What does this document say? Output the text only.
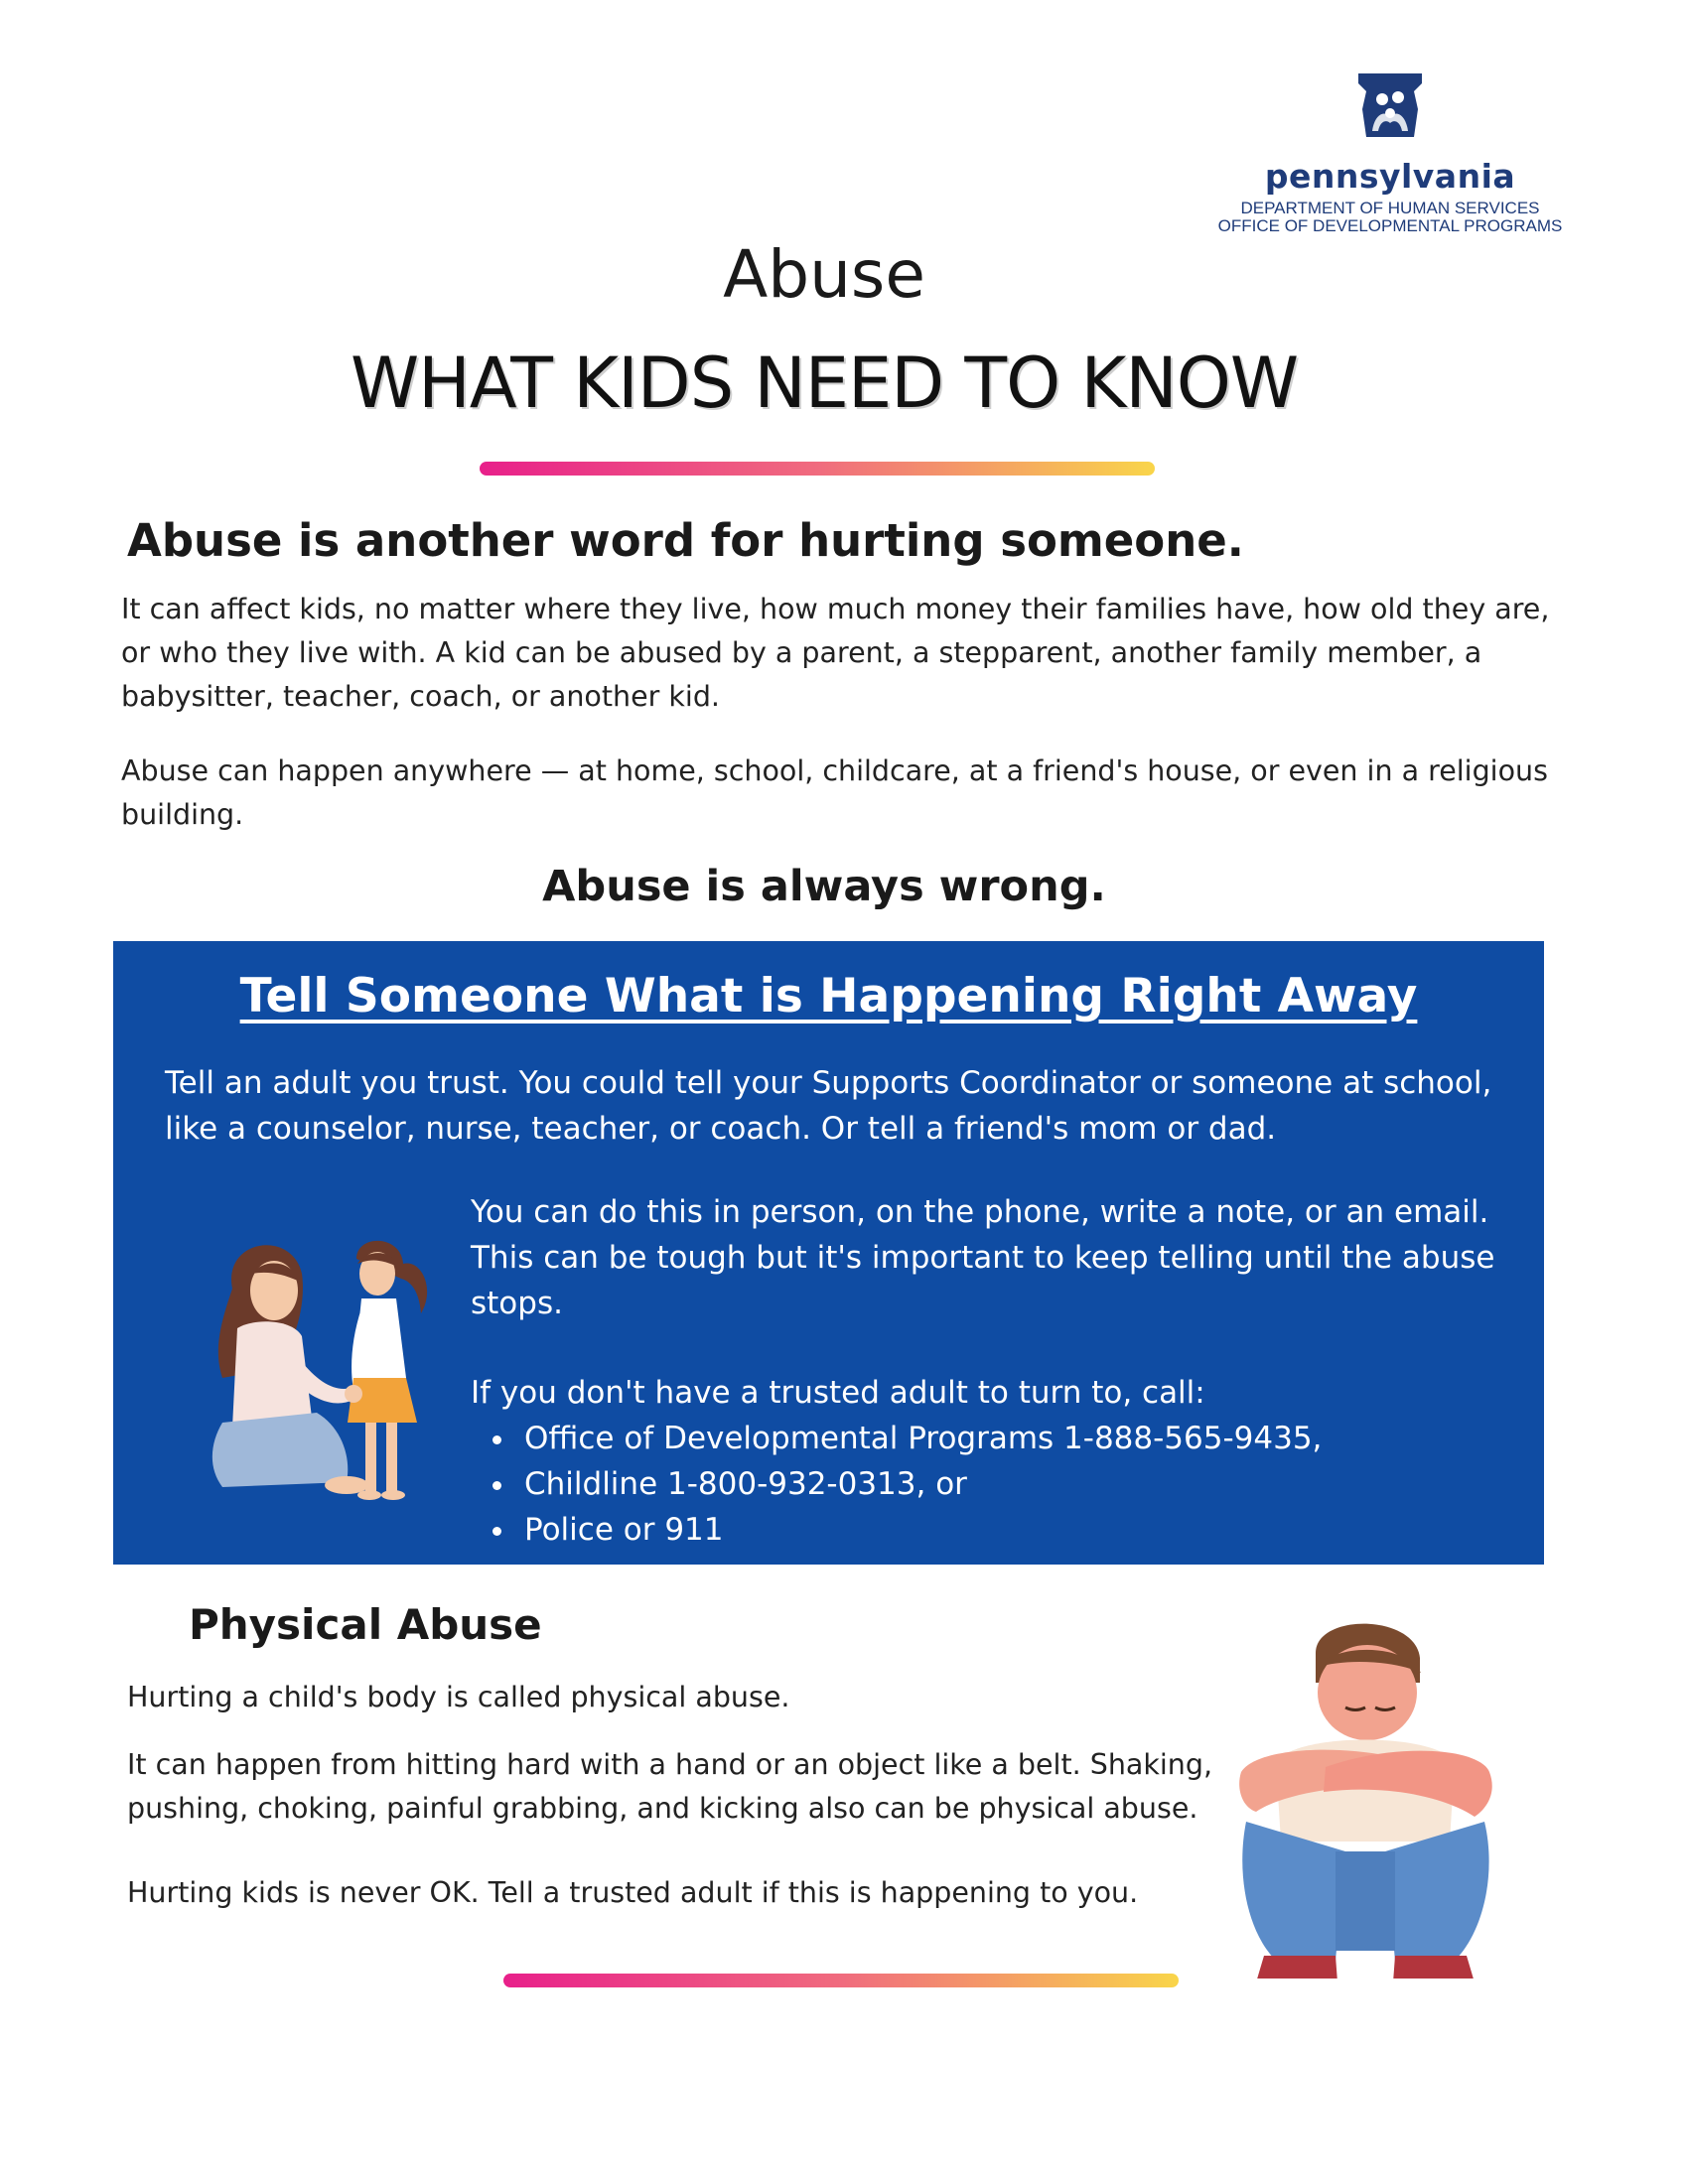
pennsylvania
DEPARTMENT OF HUMAN SERVICES
OFFICE OF DEVELOPMENTAL PROGRAMS
Abuse
WHAT KIDS NEED TO KNOW
Abuse is another word for hurting someone.
It can affect kids, no matter where they live, how much money their families have, how old they are, or who they live with. A kid can be abused by a parent, a stepparent, another family member, a babysitter, teacher, coach, or another kid.
Abuse can happen anywhere — at home, school, childcare, at a friend's house, or even in a religious building.
Abuse is always wrong.
Tell Someone What is Happening Right Away
Tell an adult you trust. You could tell your Supports Coordinator or someone at school, like a counselor, nurse, teacher, or coach. Or tell a friend's mom or dad.
You can do this in person, on the phone, write a note, or an email. This can be tough but it's important to keep telling until the abuse stops.
If you don't have a trusted adult to turn to, call:
Office of Developmental Programs 1-888-565-9435,
Childline 1-800-932-0313, or
Police or 911
Physical Abuse
Hurting a child's body is called physical abuse.
It can happen from hitting hard with a hand or an object like a belt. Shaking, pushing, choking, painful grabbing, and kicking also can be physical abuse.
Hurting kids is never OK. Tell a trusted adult if this is happening to you.
